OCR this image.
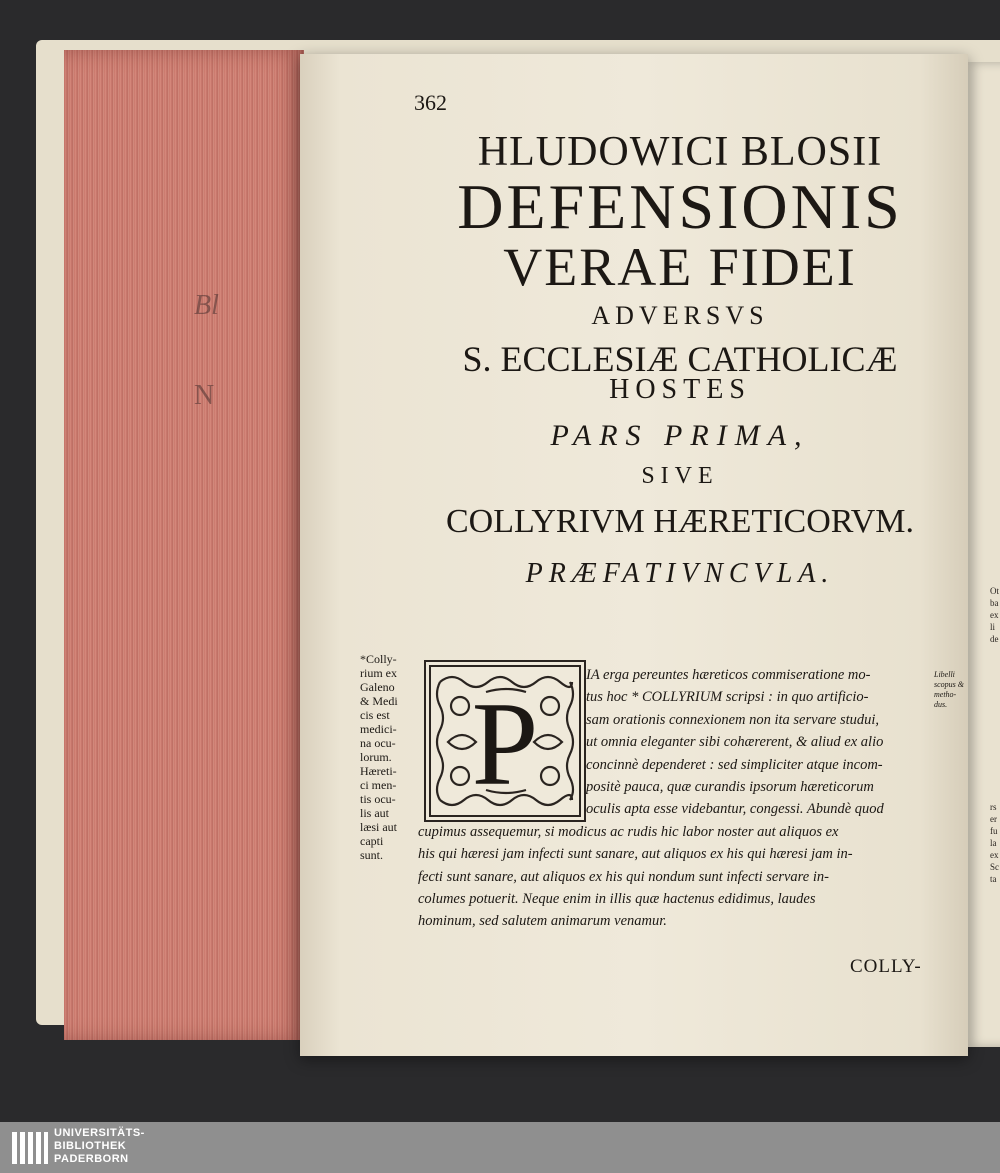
Bl
N
362
HLUDOWICI BLOSII
DEFENSIONIS
VERAE FIDEI
ADVERSVS
S. ECCLESIÆ CATHOLICÆ
HOSTES
PARS PRIMA,
SIVE
COLLYRIVM HÆRETICORVM.
PRÆFATIVNCVLA.
*Colly-
rium ex
Galeno
& Medi
cis est
medici-
na ocu-
lorum.
Hæreti-
ci men-
tis ocu-
lis aut
læsi aut
capti
sunt.
Libelli
scopus &
metho-
dus.
IA erga pereuntes hæreticos commiseratione mo-
tus hoc * COLLYRIUM scripsi : in quo artificio-
sam orationis connexionem non ita servare studui,
ut omnia eleganter sibi cohærerent, & aliud ex alio
concinnè dependeret : sed simpliciter atque incom-
positè pauca, quæ curandis ipsorum hæreticorum
oculis apta esse videbantur, congessi. Abundè quod
cupimus assequemur, si modicus ac rudis hic labor noster aut aliquos ex
his qui hæresi jam infecti sunt sanare, aut aliquos ex his qui hæresi jam in-
fecti sunt sanare, aut aliquos ex his qui nondum sunt infecti servare in-
columes potuerit. Neque enim in illis quæ hactenus edidimus, laudes
hominum, sed salutem animarum venamur.
P
COLLY-
Ot
ba
ex
li
de
rs
er
fu
la
ex
Sc
ta
UNIVERSITÄTS-
BIBLIOTHEK
PADERBORN
